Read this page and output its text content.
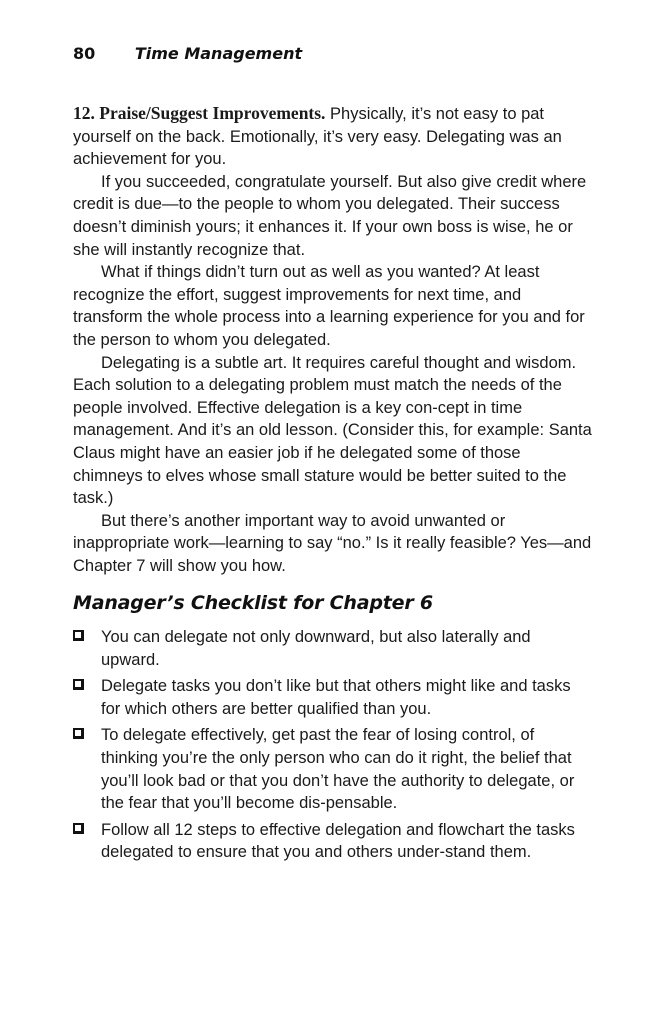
80 Time Management

12. Praise/Suggest Improvements. Physically, it’s not easy to pat yourself on the back. Emotionally, it’s very easy. Delegating was an achievement for you.

If you succeeded, congratulate yourself. But also give credit where credit is due—to the people to whom you delegated. Their success doesn’t diminish yours; it enhances it. If your own boss is wise, he or she will instantly recognize that.

What if things didn’t turn out as well as you wanted? At least recognize the effort, suggest improvements for next time, and transform the whole process into a learning experience for you and for the person to whom you delegated.

Delegating is a subtle art. It requires careful thought and wisdom. Each solution to a delegating problem must match the needs of the people involved. Effective delegation is a key con-cept in time management. And it’s an old lesson. (Consider this, for example: Santa Claus might have an easier job if he delegated some of those chimneys to elves whose small stature would be better suited to the task.)

But there’s another important way to avoid unwanted or inappropriate work—learning to say “no.” Is it really feasible? Yes—and Chapter 7 will show you how.

Manager’s Checklist for Chapter 6
You can delegate not only downward, but also laterally and upward.
Delegate tasks you don’t like but that others might like and tasks for which others are better qualified than you.
To delegate effectively, get past the fear of losing control, of thinking you’re the only person who can do it right, the belief that you’ll look bad or that you don’t have the authority to delegate, or the fear that you’ll become dis-pensable.
Follow all 12 steps to effective delegation and flowchart the tasks delegated to ensure that you and others under-stand them.
